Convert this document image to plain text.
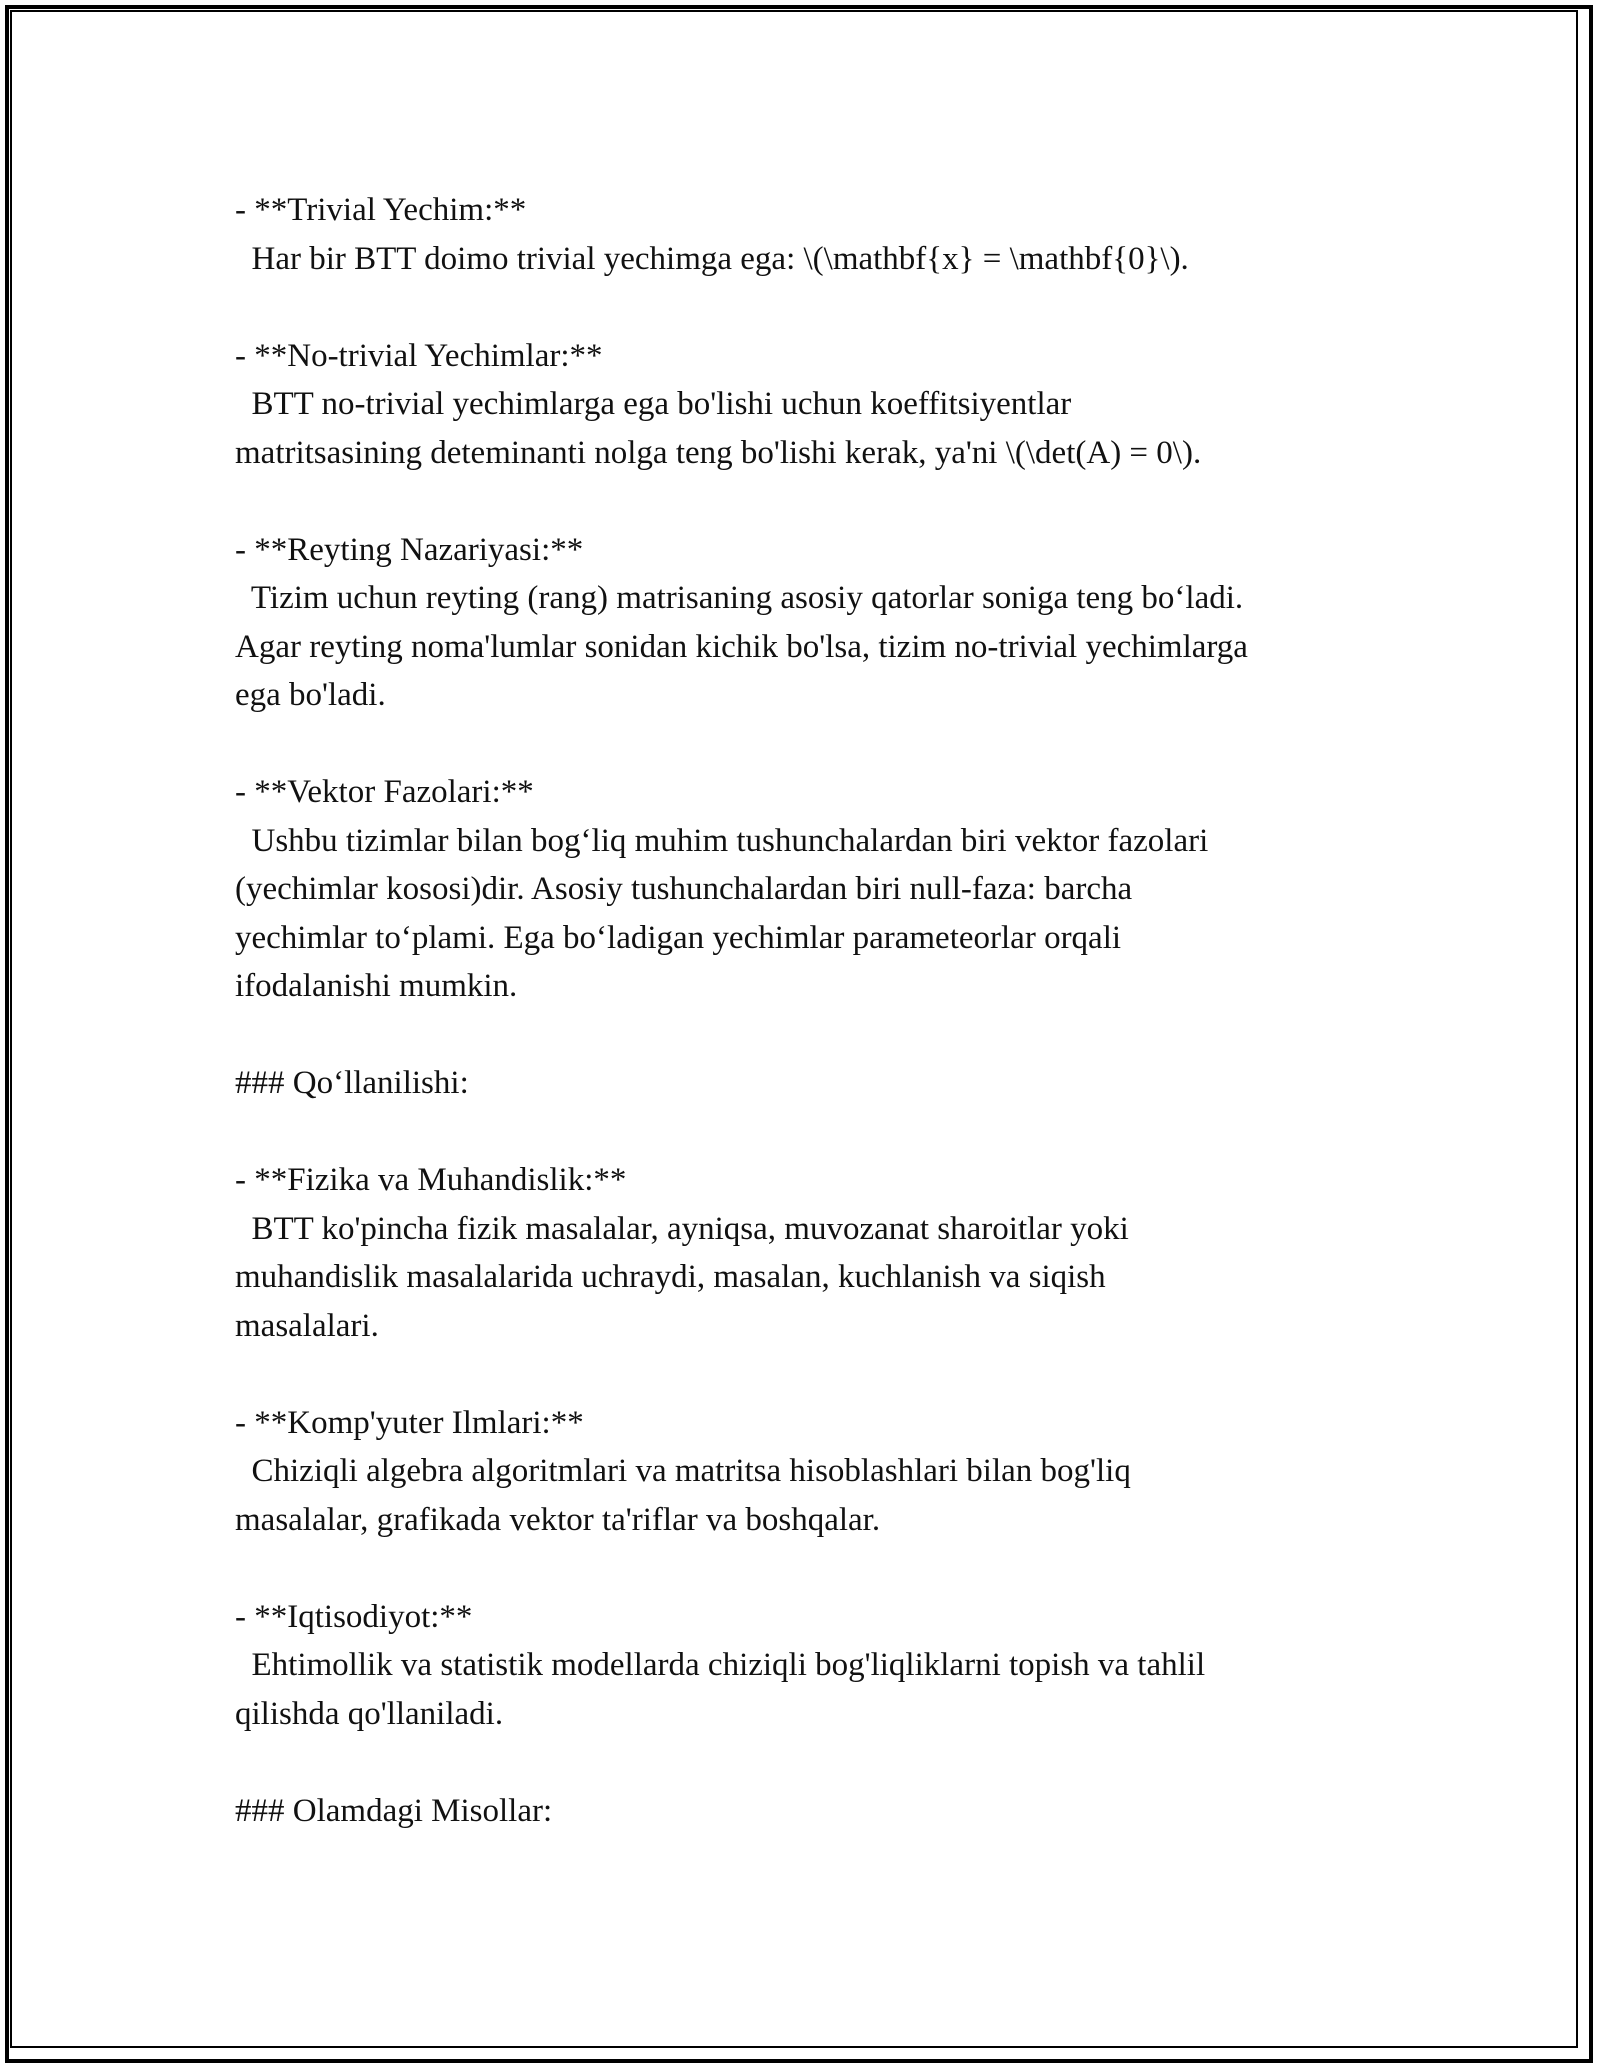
- **Trivial Yechim:**
Har bir BTT doimo trivial yechimga ega: \(\mathbf{x} = \mathbf{0}\).
- **No-trivial Yechimlar:**
BTT no-trivial yechimlarga ega bo'lishi uchun koeffitsiyentlar
matritsasining deteminanti nolga teng bo'lishi kerak, ya'ni \(\det(A) = 0\).
- **Reyting Nazariyasi:**
Tizim uchun reyting (rang) matrisaning asosiy qatorlar soniga teng bo‘ladi.
Agar reyting noma'lumlar sonidan kichik bo'lsa, tizim no-trivial yechimlarga
ega bo'ladi.
- **Vektor Fazolari:**
Ushbu tizimlar bilan bog‘liq muhim tushunchalardan biri vektor fazolari
(yechimlar kososi)dir. Asosiy tushunchalardan biri null-faza: barcha
yechimlar to‘plami. Ega bo‘ladigan yechimlar parameteorlar orqali
ifodalanishi mumkin.
### Qo‘llanilishi:
- **Fizika va Muhandislik:**
BTT ko'pincha fizik masalalar, ayniqsa, muvozanat sharoitlar yoki
muhandislik masalalarida uchraydi, masalan, kuchlanish va siqish
masalalari.
- **Komp'yuter Ilmlari:**
Chiziqli algebra algoritmlari va matritsa hisoblashlari bilan bog'liq
masalalar, grafikada vektor ta'riflar va boshqalar.
- **Iqtisodiyot:**
Ehtimollik va statistik modellarda chiziqli bog'liqliklarni topish va tahlil
qilishda qo'llaniladi.
### Olamdagi Misollar:
